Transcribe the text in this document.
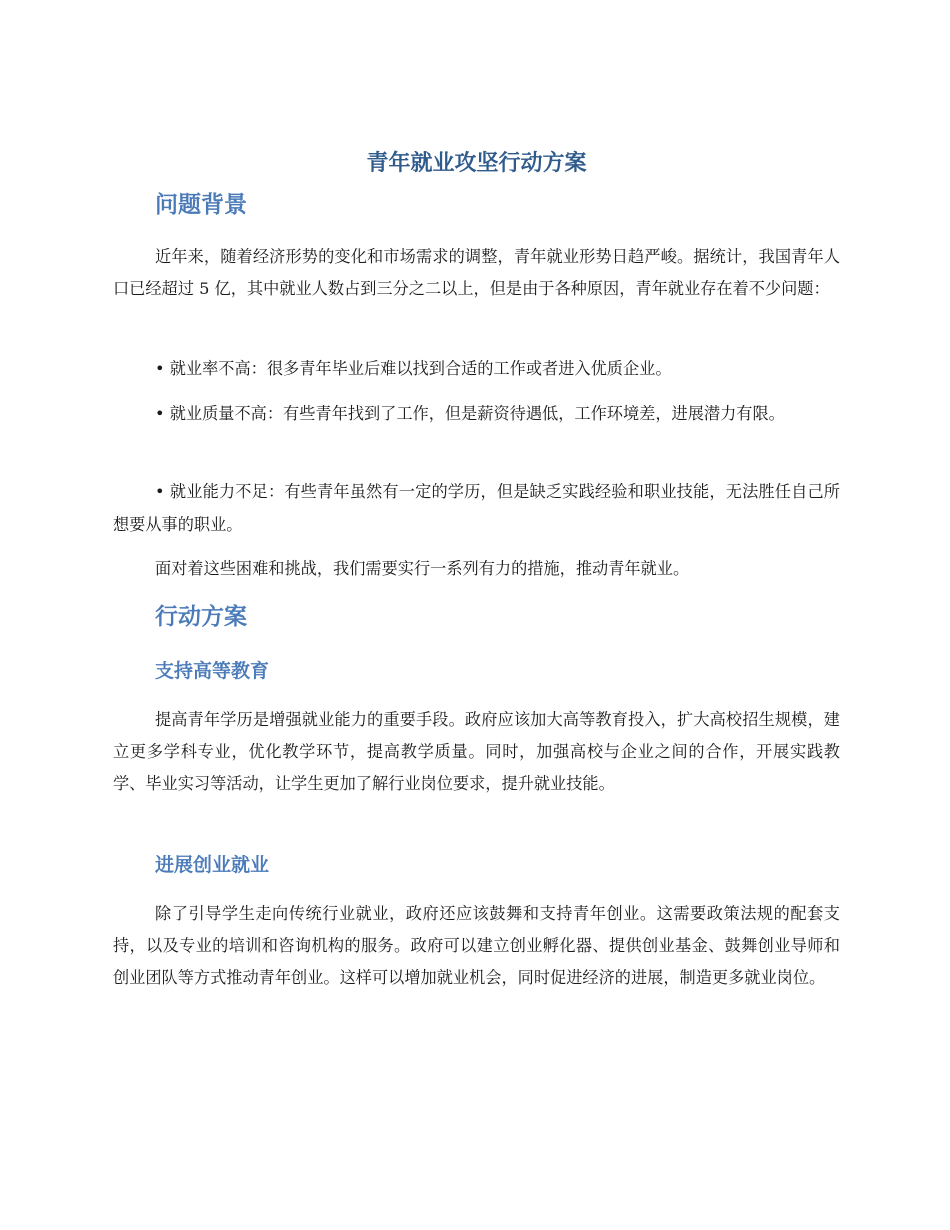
青年就业攻坚行动方案
问题背景

近年来，随着经济形势的变化和市场需求的调整，青年就业形势日趋严峻。据统计，我国青年人口已经超过 5 亿，其中就业人数占到三分之二以上，但是由于各种原因，青年就业存在着不少问题：

• 就业率不高：很多青年毕业后难以找到合适的工作或者进入优质企业。

• 就业质量不高：有些青年找到了工作，但是薪资待遇低，工作环境差，进展潜力有限。

• 就业能力不足：有些青年虽然有一定的学历，但是缺乏实践经验和职业技能，无法胜任自己所想要从事的职业。

面对着这些困难和挑战，我们需要实行一系列有力的措施，推动青年就业。

行动方案
支持高等教育

提高青年学历是增强就业能力的重要手段。政府应该加大高等教育投入，扩大高校招生规模，建立更多学科专业，优化教学环节，提高教学质量。同时，加强高校与企业之间的合作，开展实践教学、毕业实习等活动，让学生更加了解行业岗位要求，提升就业技能。

进展创业就业

除了引导学生走向传统行业就业，政府还应该鼓舞和支持青年创业。这需要政策法规的配套支持，以及专业的培训和咨询机构的服务。政府可以建立创业孵化器、提供创业基金、鼓舞创业导师和创业团队等方式推动青年创业。这样可以增加就业机会，同时促进经济的进展，制造更多就业岗位。
